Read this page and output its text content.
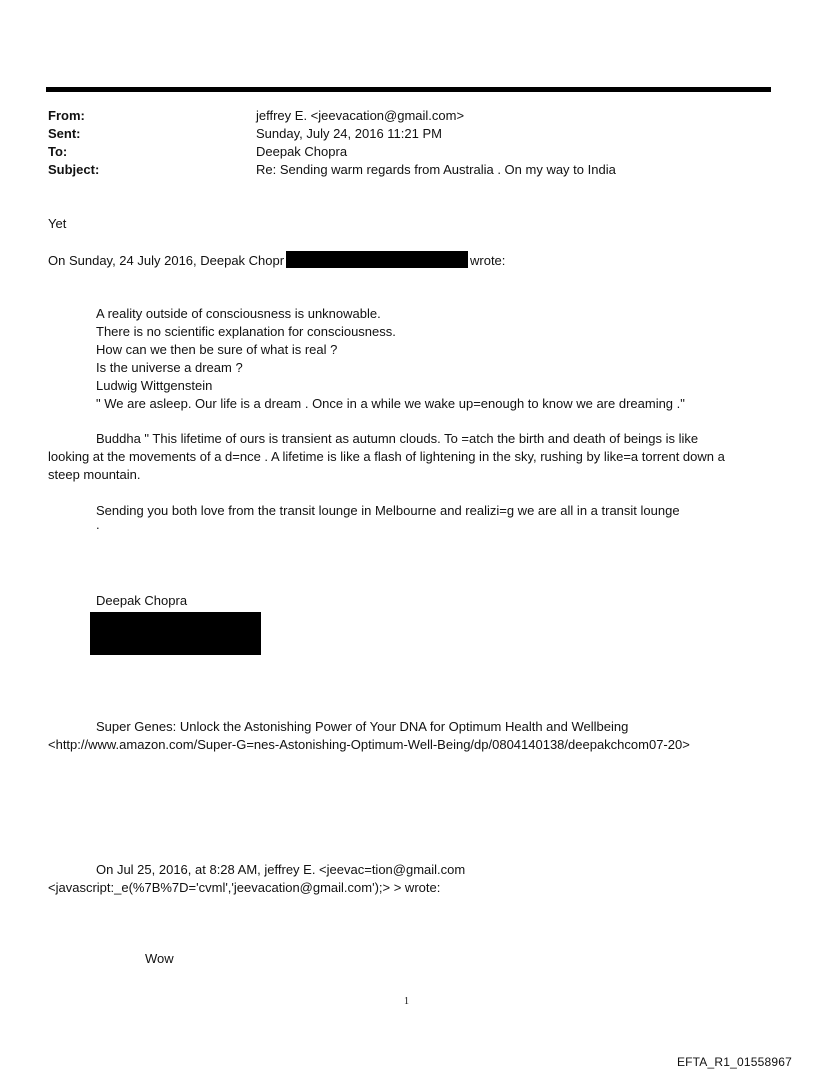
From:	jeffrey E. <jeevacation@gmail.com>
Sent:	Sunday, July 24, 2016 11:21 PM
To:	Deepak Chopra
Subject:	Re: Sending warm regards from Australia . On my way to India
Yet
On Sunday, 24 July 2016, Deepak Chopr	wrote:
A reality outside of consciousness is unknowable.
There is no scientific explanation for consciousness.
How can we then be sure of what is real ?
Is the universe a dream ?
Ludwig Wittgenstein
" We are asleep. Our life is a dream . Once in a while we wake up=enough to know we are dreaming ."
Buddha " This lifetime of ours is transient as autumn clouds. To =atch the birth and death of beings is like
looking at the movements of a d=nce . A lifetime is like a flash of lightening in the sky, rushing by like=a torrent down a
steep mountain.
Sending you both love from the transit lounge in Melbourne and realizi=g we are all in a transit lounge
.
Deepak Chopra
Super Genes: Unlock the Astonishing Power of Your DNA for Optimum Health and Wellbeing
<http://www.amazon.com/Super-G=nes-Astonishing-Optimum-Well-Being/dp/0804140138/deepakchcom07-20>
On Jul 25, 2016, at 8:28 AM, jeffrey E. <jeevac=tion@gmail.com
<javascript:_e(%7B%7D='cvml','jeevacation@gmail.com');> > wrote:
Wow
1
EFTA_R1_01558967
